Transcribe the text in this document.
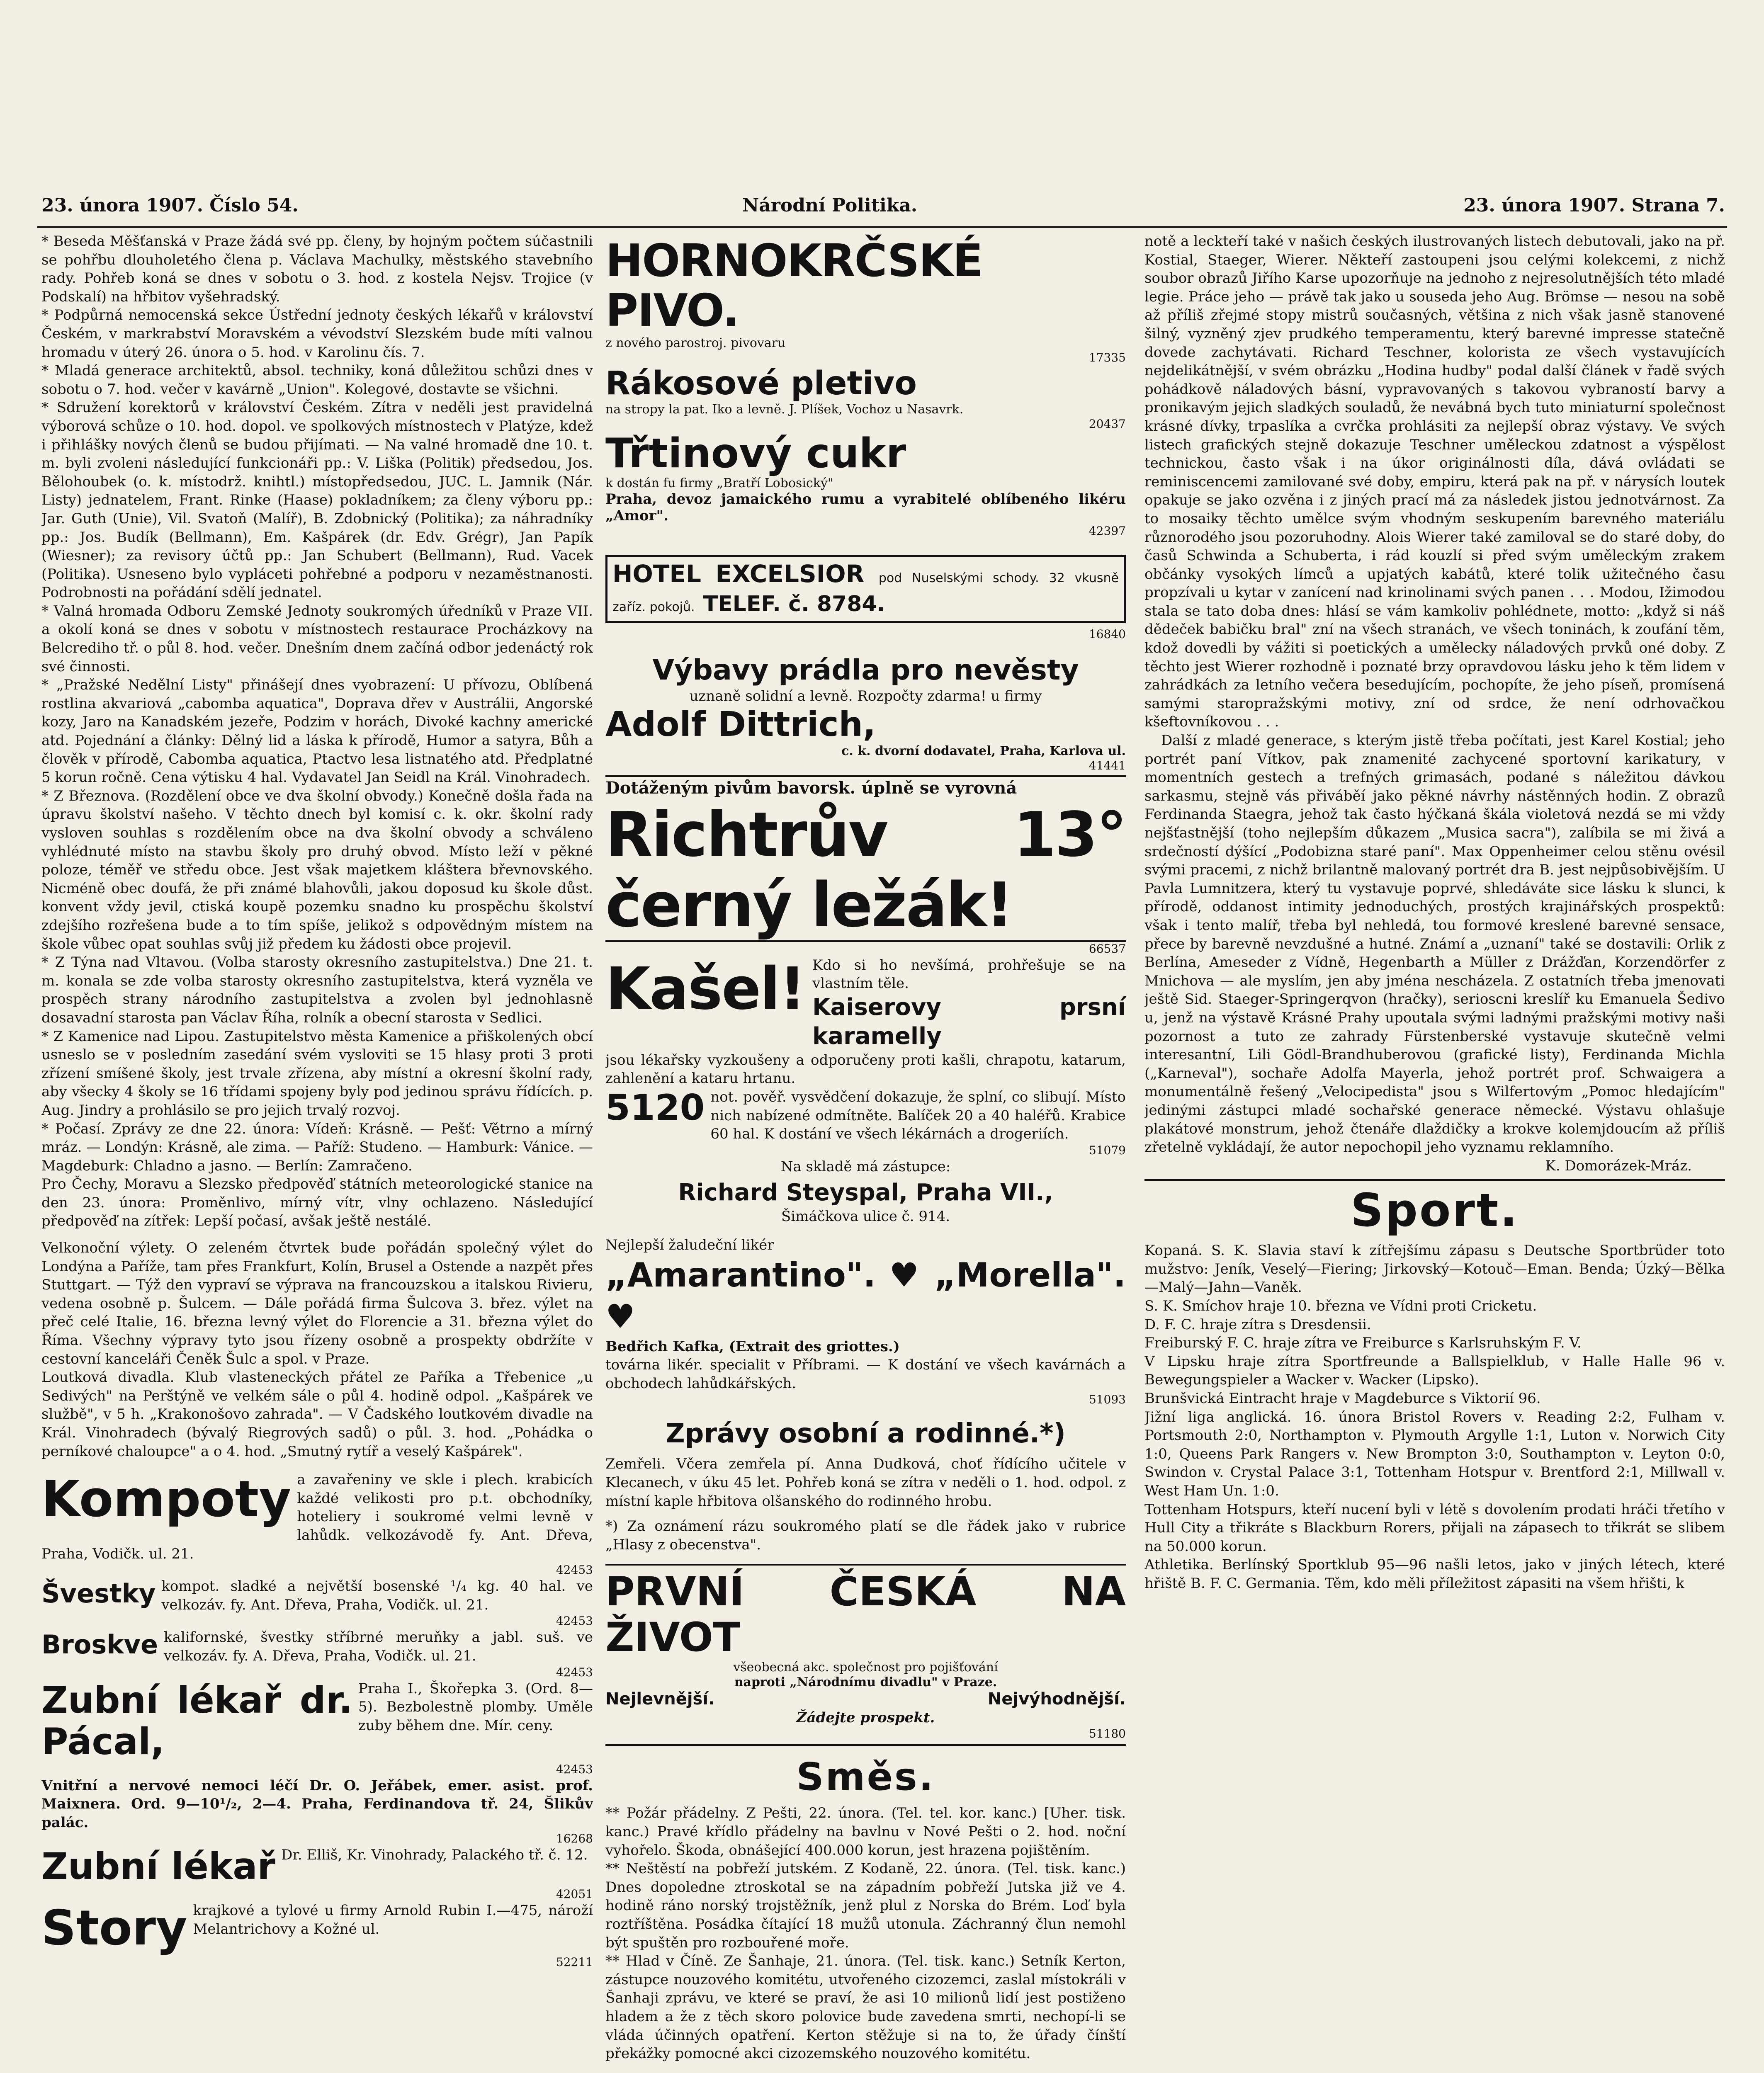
23. února 1907. Číslo 54.	Národní Politika.	23. února 1907. Strana 7.

* Beseda Měšťanská v Praze žádá své pp. členy, by hojným počtem súčastnili se pohřbu dlouholetého člena p. Václava Machulky, městského stavebního rady. Pohřeb koná se dnes v sobotu o 3. hod. z kostela Nejsv. Trojice (v Podskalí) na hřbitov vyšehradský.

* Podpůrná nemocenská sekce Ústřední jednoty českých lékařů v království Českém, v markrabství Moravském a vévodství Slezském bude míti valnou hromadu v úterý 26. února o 5. hod. v Karolinu čís. 7.

* Mladá generace architektů, absol. techniky, koná důležitou schůzi dnes v sobotu o 7. hod. večer v kavárně „Union". Kolegové, dostavte se všichni.

* Sdružení korektorů v království Českém. Zítra v neděli jest pravidelná výborová schůze o 10. hod. dopol. ve spolkových místnostech v Platýze, kdež i přihlášky nových členů se budou přijímati. — Na valné hromadě dne 10. t. m. byli zvoleni následující funkcionáři pp.: V. Liška (Politik) předsedou, Jos. Bělohoubek (o. k. místodrž. knihtl.) místopředsedou, JUC. L. Jamnik (Nár. Listy) jednatelem, Frant. Rinke (Haase) pokladníkem; za členy výboru pp.: Jar. Guth (Unie), Vil. Svatoň (Malíř), B. Zdobnický (Politika); za náhradníky pp.: Jos. Budík (Bellmann), Em. Kašpárek (dr. Edv. Grégr), Jan Papík (Wiesner); za revisory účtů pp.: Jan Schubert (Bellmann), Rud. Vacek (Politika). Usneseno bylo vypláceti pohřebné a podporu v nezaměstnanosti. Podrobnosti na pořádání sdělí jednatel.

* Valná hromada Odboru Zemské Jednoty soukromých úředníků v Praze VII. a okolí koná se dnes v sobotu v místnostech restaurace Procházkovy na Belcrediho tř. o půl 8. hod. večer. Dnešním dnem začíná odbor jedenáctý rok své činnosti.

* „Pražské Nedělní Listy" přinášejí dnes vyobrazení: U přívozu, Oblíbená rostlina akvariová „cabomba aquatica", Doprava dřev v Austrálii, Angorské kozy, Jaro na Kanadském jezeře, Podzim v horách, Divoké kachny americké atd. Pojednání a články: Dělný lid a láska k přírodě, Humor a satyra, Bůh a člověk v přírodě, Cabomba aquatica, Ptactvo lesa listnatého atd. Předplatné 5 korun ročně. Cena výtisku 4 hal. Vydavatel Jan Seidl na Král. Vinohradech.

* Z Březnova. (Rozdělení obce ve dva školní obvody.) Konečně došla řada na úpravu školství našeho. V těchto dnech byl komisí c. k. okr. školní rady vysloven souhlas s rozdělením obce na dva školní obvody a schváleno vyhlédnuté místo na stavbu školy pro druhý obvod. Místo leží v pěkné poloze, téměř ve středu obce. Jest však majetkem kláštera břevnovského. Nicméně obec doufá, že při známé blahovůli, jakou doposud ku škole důst. konvent vždy jevil, ctiská koupě pozemku snadno ku prospěchu školství zdejšího rozřešena bude a to tím spíše, jelikož s odpovědným místem na škole vůbec opat souhlas svůj již předem ku žádosti obce projevil.

* Z Týna nad Vltavou. (Volba starosty okresního zastupitelstva.) Dne 21. t. m. konala se zde volba starosty okresního zastupitelstva, která vyzněla ve prospěch strany národního zastupitelstva a zvolen byl jednohlasně dosavadní starosta pan Václav Říha, rolník a obecní starosta v Sedlici.

* Z Kamenice nad Lipou. Zastupitelstvo města Kamenice a přiškolených obcí usneslo se v posledním zasedání svém vysloviti se 15 hlasy proti 3 proti zřízení smíšené školy, jest trvale zřízena, aby místní a okresní školní rady, aby všecky 4 školy se 16 třídami spojeny byly pod jedinou správu řídících. p. Aug. Jindry a prohlásilo se pro jejich trvalý rozvoj.

* Počasí. Zprávy ze dne 22. února: Vídeň: Krásně. — Pešť: Větrno a mírný mráz. — Londýn: Krásně, ale zima. — Paříž: Studeno. — Hamburk: Vánice. — Magdeburk: Chladno a jasno. — Berlín: Zamračeno.

Pro Čechy, Moravu a Slezsko předpověď státních meteorologické stanice na den 23. února: Proměnlivo, mírný vítr, vlny ochlazeno. Následující předpověď na zítřek: Lepší počasí, avšak ještě nestálé.

Velkonoční výlety. O zeleném čtvrtek bude pořádán společný výlet do Londýna a Paříže, tam přes Frankfurt, Kolín, Brusel a Ostende a nazpět přes Stuttgart. — Týž den vypraví se výprava na francouzskou a italskou Rivieru, vedena osobně p. Šulcem. — Dále pořádá firma Šulcova 3. břez. výlet na přeč celé Italie, 16. března levný výlet do Florencie a 31. března výlet do Říma. Všechny výpravy tyto jsou řízeny osobně a prospekty obdržíte v cestovní kanceláři Čeněk Šulc a spol. v Praze.

Loutková divadla. Klub vlasteneckých přátel ze Paříka a Třebenice „u Sedivých" na Perštýně ve velkém sále o půl 4. hodině odpol. „Kašpárek ve službě", v 5 h. „Krakonošovo zahrada". — V Čadského loutkovém divadle na Král. Vinohradech (bývalý Riegrových sadů) o půl. 3. hod. „Pohádka o perníkové chaloupce" a o 4. hod. „Smutný rytíř a veselý Kašpárek".

Kompoty a zavařeniny ve skle i plech. krabicích každé velikosti pro p.t. obchodníky, hoteliery i soukromé velmi levně v lahůdk. velkozávodě fy. Ant. Dřeva, Praha, Vodičk. ul. 21.
42453
Švestky kompot. sladké a největší bosenské ¹/₄ kg. 40 hal. ve velkozáv. fy. Ant. Dřeva, Praha, Vodičk. ul. 21.
42453
Broskve kalifornské, švestky stříbrné meruňky a jabl. suš. ve velkozáv. fy. A. Dřeva, Praha, Vodičk. ul. 21.
42453
Zubní lékař dr. Pácal,
Praha I., Škořepka 3. (Ord. 8—5). Bezbolestně plomby. Uměle zuby během dne. Mír. ceny.
42453
Vnitřní a nervové nemoci léčí Dr. O. Jeřábek, emer. asist. prof. Maixnera. Ord. 9—10¹/₂, 2—4. Praha, Ferdinandova tř. 24, Šlikův palác.
16268
Zubní lékař Dr. Elliš, Kr. Vinohrady, Palackého tř. č. 12.
42051
Story krajkové a tylové u firmy Arnold Rubin I.—475, nároží Melantrichovy a Kožné ul.
52211
HORNOKRČSKÉ PIVO.
z nového parostroj. pivovaru
17335
Rákosové pletivo
na stropy la pat. Iko a levně. J. Plíšek, Vochoz u Nasavrk.
20437
Třtinový cukr
k dostán fu firmy „Bratří Lobosický"
Praha, devoz jamaického rumu a vyrabitelé oblíbeného likéru „Amor".
42397
HOTEL EXCELSIOR pod Nuselskými schody. 32 vkusně zaříz. pokojů. TELEF. č. 8784.
16840
Výbavy prádla pro nevěsty
uznaně solidní a levně. Rozpočty zdarma! u firmy
Adolf Dittrich,
c. k. dvorní dodavatel, Praha, Karlova ul.
41441
Dotáženým pivům bavorsk. úplně se vyrovná
Richtrův 13° černý ležák!
66537
Kašel! Kdo si ho nevšímá, prohřešuje se na vlastním těle.
Kaiserovy prsní karamelly
jsou lékařsky vyzkoušeny a odporučeny proti kašli, chrapotu, katarum, zahlenění a kataru hrtanu.
5120 not. pověř. vysvědčení dokazuje, že splní, co slibují. Místo nich nabízené odmítněte. Balíček 20 a 40 haléřů. Krabice 60 hal. K dostání ve všech lékárnách a drogeriích.
51079
Na skladě má zástupce:
Richard Steyspal, Praha VII.,
Šimáčkova ulice č. 914.
Nejlepší žaludeční likér
„Amarantino". ♥ „Morella". ♥
Bedřich Kafka, (Extrait des griottes.)
továrna likér. specialit v Příbrami. — K dostání ve všech kavárnách a obchodech lahůdkářských.
51093
Zprávy osobní a rodinné.*)

Zemřeli. Včera zemřela pí. Anna Dudková, choť řídícího učitele v Klecanech, v úku 45 let. Pohřeb koná se zítra v neděli o 1. hod. odpol. z místní kaple hřbitova olšanského do rodinného hrobu.

*) Za oznámení rázu soukromého platí se dle řádek jako v rubrice „Hlasy z obecenstva".

PRVNÍ ČESKÁ NA ŽIVOT
všeobecná akc. společnost pro pojišťování
naproti „Národnímu divadlu" v Praze.
Nejlevnější.	Nejvýhodnější.
Žádejte prospekt.
51180
Směs.

** Požár přádelny. Z Pešti, 22. února. (Tel. tel. kor. kanc.) [Uher. tisk. kanc.) Pravé křídlo přádelny na bavlnu v Nové Pešti o 2. hod. noční vyhořelo. Škoda, obnášející 400.000 korun, jest hrazena pojištěním.

** Neštěstí na pobřeží jutském. Z Kodaně, 22. února. (Tel. tisk. kanc.) Dnes dopoledne ztroskotal se na západním pobřeží Jutska již ve 4. hodině ráno norský trojstěžník, jenž plul z Norska do Brém. Loď byla roztříštěna. Posádka čítající 18 mužů utonula. Záchranný člun nemohl být spuštěn pro rozbouřené moře.

** Hlad v Číně. Ze Šanhaje, 21. února. (Tel. tisk. kanc.) Setník Kerton, zástupce nouzového komitétu, utvořeného cizozemci, zaslal místokráli v Šanhaji zprávu, ve které se praví, že asi 10 milionů lidí jest postiženo hladem a že z těch skoro polovice bude zavedena smrti, nechopí-li se vláda účinných opatření. Kerton stěžuje si na to, že úřady čínští překážky pomocné akci cizozemského nouzového komitétu.

notě a leckteří také v našich českých ilustrovaných listech debutovali, jako na př. Kostial, Staeger, Wierer. Někteří zastoupeni jsou celými kolekcemi, z nichž soubor obrazů Jiřího Karse upozorňuje na jednoho z nejresolutnějších této mladé legie. Práce jeho — právě tak jako u souseda jeho Aug. Brömse — nesou na sobě až příliš zřejmé stopy mistrů současných, většina z nich však jasně stanovené šilný, vyzněný zjev prudkého temperamentu, který barevné impresse statečně dovede zachytávati. Richard Teschner, kolorista ze všech vystavujících nejdelikátnější, v svém obrázku „Hodina hudby" podal další článek v řadě svých pohádkově náladových básní, vypravovaných s takovou vybraností barvy a pronikavým jejich sladkých souladů, že nevábná bych tuto miniaturní společnost krásné dívky, trpaslíka a cvrčka prohlásiti za nejlepší obraz výstavy. Ve svých listech grafických stejně dokazuje Teschner uměleckou zdatnost a výspělost technickou, často však i na úkor originálnosti díla, dává ovládati se reminiscencemi zamilované své doby, empiru, která pak na př. v nárysích loutek opakuje se jako ozvěna i z jiných prací má za následek jistou jednotvárnost. Za to mosaiky těchto umělce svým vhodným seskupením barevného materiálu různorodého jsou pozoruhodny. Alois Wierer také zamiloval se do staré doby, do časů Schwinda a Schuberta, i rád kouzlí si před svým uměleckým zrakem občánky vysokých límců a upjatých kabátů, které tolik užitečného času propzívali u kytar v zanícení nad krinolinami svých panen . . . Modou, Ižimodou stala se tato doba dnes: hlásí se vám kamkoliv pohlédnete, motto: „když si náš dědeček babičku bral" zní na všech stranách, ve všech toninách, k zoufání těm, kdož dovedli by vážiti si poetických a umělecky náladových prvků oné doby. Z těchto jest Wierer rozhodně i poznaté brzy opravdovou lásku jeho k těm lidem v zahrádkách za letního večera besedujícím, pochopíte, že jeho píseň, promísená samými staropražskými motivy, zní od srdce, že není odrhovačkou kšeftovníkovou . . .

Další z mladé generace, s kterým jistě třeba počítati, jest Karel Kostial; jeho portrét paní Vítkov, pak znamenité zachycené sportovní karikatury, v momentních gestech a trefných grimasách, podané s náležitou dávkou sarkasmu, stejně vás přiváběí jako pěkné návrhy nástěnných hodin. Z obrazů Ferdinanda Staegra, jehož tak často hýčkaná škála violetová nezdá se mi vždy nejšťastnější (toho nejlepším důkazem „Musica sacra"), zalíbila se mi živá a srdečností dýšící „Podobizna staré paní". Max Oppenheimer celou stěnu ovésil svými pracemi, z nichž brilantně malovaný portrét dra B. jest nejpůsobivějším. U Pavla Lumnitzera, který tu vystavuje poprvé, shledáváte sice lásku k slunci, k přírodě, oddanost intimity jednoduchých, prostých krajinářských prospektů: však i tento malíř, třeba byl nehledá, tou formové kreslené barevné sensace, přece by barevně nevzdušné a hutné. Známí a „uznaní" také se dostavili: Orlik z Berlína, Ameseder z Vídně, Hegenbarth a Müller z Drážďan, Korzendörfer z Mnichova — ale myslím, jen aby jména nescházela. Z ostatních třeba jmenovati ještě Sid. Staeger-Springerqvon (hračky), serioscni kreslíř ku Emanuela Šedivo u, jenž na výstavě Krásné Prahy upoutala svými ladnými pražskými motivy naši pozornost a tuto ze zahrady Fürstenberské vystavuje skutečně velmi interesantní, Lili Gödl-Brandhuberovou (grafické listy), Ferdinanda Michla („Karneval"), sochaře Adolfa Mayerla, jehož portrét prof. Schwaigera a monumentálně řešený „Velocipedista" jsou s Wilfertovým „Pomoc hledajícím" jedinými zástupci mladé sochařské generace německé. Výstavu ohlašuje plakátové monstrum, jehož čtenáře dlaždičky a krokve kolemjdoucím až příliš zřetelně vykládají, že autor nepochopil jeho vyznamu reklamního.

K. Domorázek-Mráz.

Sport.

Kopaná. S. K. Slavia staví k zítřejšímu zápasu s Deutsche Sportbrüder toto mužstvo: Jeník, Veselý—Fiering; Jirkovský—Kotouč—Eman. Benda; Úzký—Bělka—Malý—Jahn—Vaněk.

S. K. Smíchov hraje 10. března ve Vídni proti Cricketu.

D. F. C. hraje zítra s Dresdensii.

Freiburský F. C. hraje zítra ve Freiburce s Karlsruhským F. V.

V Lipsku hraje zítra Sportfreunde a Ballspielklub, v Halle Halle 96 v. Bewegungspieler a Wacker v. Wacker (Lipsko).

Brunšvická Eintracht hraje v Magdeburce s Viktorií 96.

Jižní liga anglická. 16. února Bristol Rovers v. Reading 2:2, Fulham v. Portsmouth 2:0, Northampton v. Plymouth Argylle 1:1, Luton v. Norwich City 1:0, Queens Park Rangers v. New Brompton 3:0, Southampton v. Leyton 0:0, Swindon v. Crystal Palace 3:1, Tottenham Hotspur v. Brentford 2:1, Millwall v. West Ham Un. 1:0.

Tottenham Hotspurs, kteří nucení byli v létě s dovolením prodati hráči třetího v Hull City a třikráte s Blackburn Rorers, přijali na zápasech to třikrát se slibem na 50.000 korun.

Athletika. Berlínský Sportklub 95—96 našli letos, jako v jiných létech, které hřiště B. F. C. Germania. Těm, kdo měli příležitost zápasiti na všem hřišti, k
